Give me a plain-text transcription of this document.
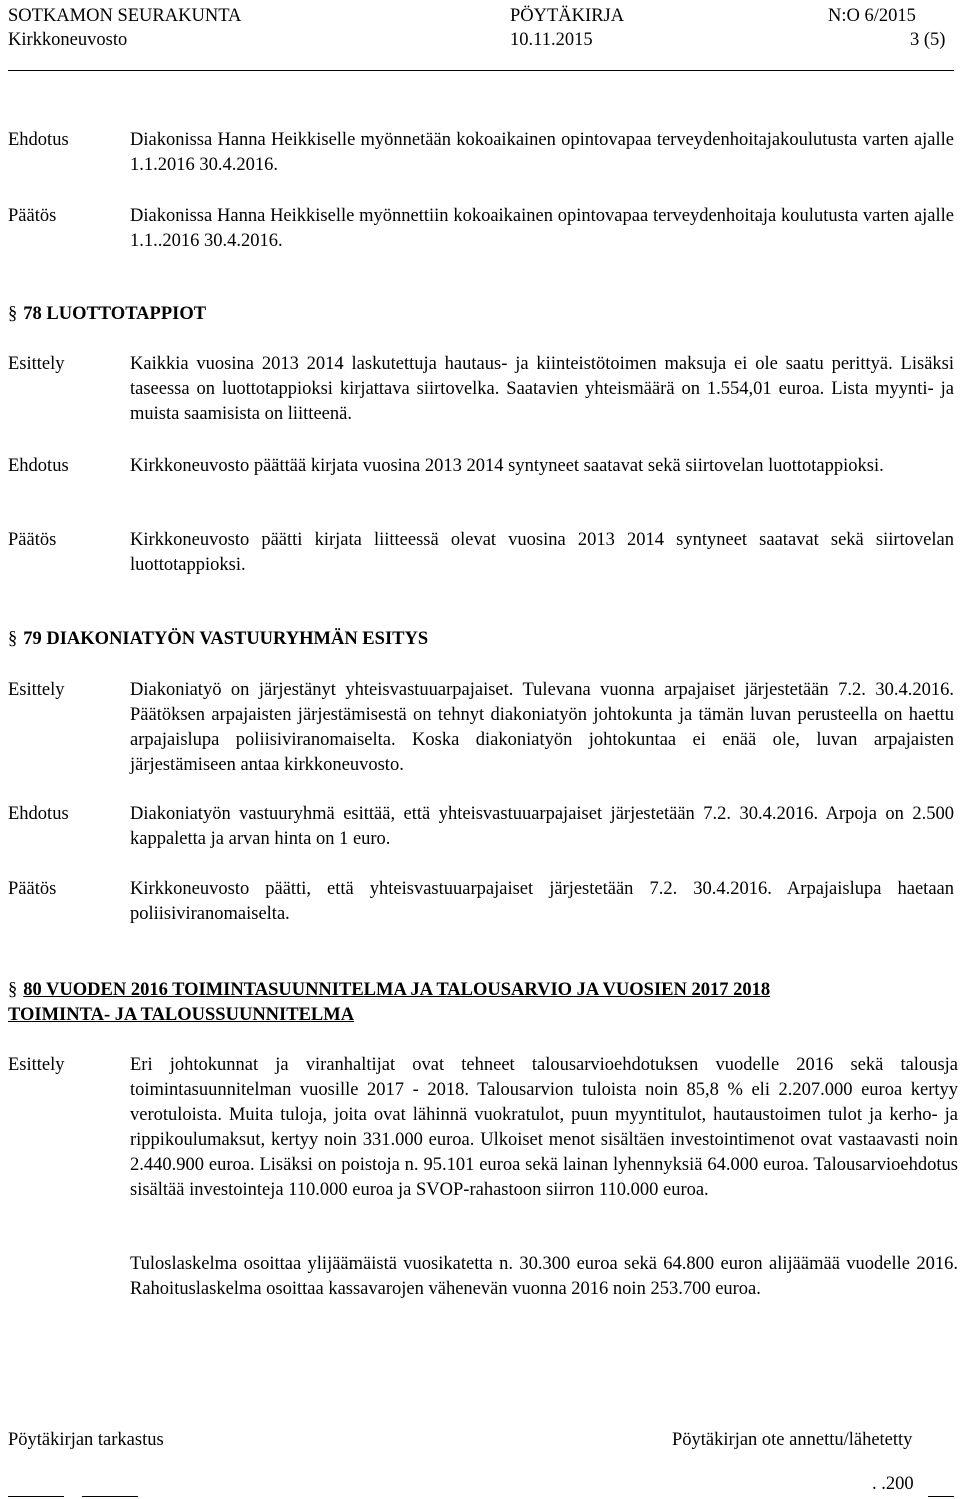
SOTKAMON SEURAKUNTA	PÖYTÄKIRJA	N:O 6/2015
Kirkkoneuvosto	10.11.2015	3 (5)
Ehdotus	Diakonissa Hanna Heikkiselle myönnetään kokoaikainen opintovapaa terveydenhoitajakoulutusta varten ajalle 1.1.2016 30.4.2016.
Päätös	Diakonissa Hanna Heikkiselle myönnettiin kokoaikainen opintovapaa terveydenhoitaja koulutusta varten ajalle 1.1..2016 30.4.2016.
§ 78 LUOTTOTAPPIOT
Esittely	Kaikkia vuosina 2013 2014 laskutettuja hautaus- ja kiinteistötoimen maksuja ei ole saatu perittyä. Lisäksi taseessa on luottotappioksi kirjattava siirtovelka. Saatavien yhteismäärä on 1.554,01 euroa. Lista myynti- ja muista saamisista on liitteenä.
Ehdotus	Kirkkoneuvosto päättää kirjata vuosina 2013 2014 syntyneet saatavat sekä siirtovelan luottotappioksi.
Päätös	Kirkkoneuvosto päätti kirjata liitteessä olevat vuosina 2013 2014 syntyneet saatavat sekä siirtovelan luottotappioksi.
§ 79 DIAKONIATYÖN VASTUURYHMÄN ESITYS
Esittely	Diakoniatyö on järjestänyt yhteisvastuuarpajaiset. Tulevana vuonna arpajaiset järjestetään 7.2. 30.4.2016. Päätöksen arpajaisten järjestämisestä on tehnyt diakoniatyön johtokunta ja tämän luvan perusteella on haettu arpajaislupa poliisiviranomaiselta. Koska diakoniatyön johtokuntaa ei enää ole, luvan arpajaisten järjestämiseen antaa kirkkoneuvosto.
Ehdotus	Diakoniatyön vastuuryhmä esittää, että yhteisvastuuarpajaiset järjestetään 7.2. 30.4.2016. Arpoja on 2.500 kappaletta ja arvan hinta on 1 euro.
Päätös	Kirkkoneuvosto päätti, että yhteisvastuuarpajaiset järjestetään 7.2. 30.4.2016. Arpajaislupa haetaan poliisiviranomaiselta.
§ 80 VUODEN 2016 TOIMINTASUUNNITELMA JA TALOUSARVIO JA VUOSIEN 2017 2018
TOIMINTA- JA TALOUSSUUNNITELMA
Esittely	Eri johtokunnat ja viranhaltijat ovat tehneet talousarvioehdotuksen vuodelle 2016 sekä talousja toimintasuunnitelman vuosille 2017 - 2018. Talousarvion tuloista noin 85,8 % eli 2.207.000 euroa kertyy verotuloista. Muita tuloja, joita ovat lähinnä vuokratulot, puun myyntitulot, hautaustoimen tulot ja kerho- ja rippikoulumaksut, kertyy noin 331.000 euroa. Ulkoiset menot sisältäen investointimenot ovat vastaavasti noin 2.440.900 euroa. Lisäksi on poistoja n. 95.101 euroa sekä lainan lyhennyksiä 64.000 euroa. Talousarvioehdotus sisältää investointeja 110.000 euroa ja SVOP-rahastoon siirron 110.000 euroa.
Tuloslaskelma osoittaa ylijäämäistä vuosikatetta n. 30.300 euroa sekä 64.800 euron alijäämää vuodelle 2016. Rahoituslaskelma osoittaa kassavarojen vähenevän vuonna 2016 noin 253.700 euroa.
Pöytäkirjan tarkastus	Pöytäkirjan ote annettu/lähetetty
. .200
